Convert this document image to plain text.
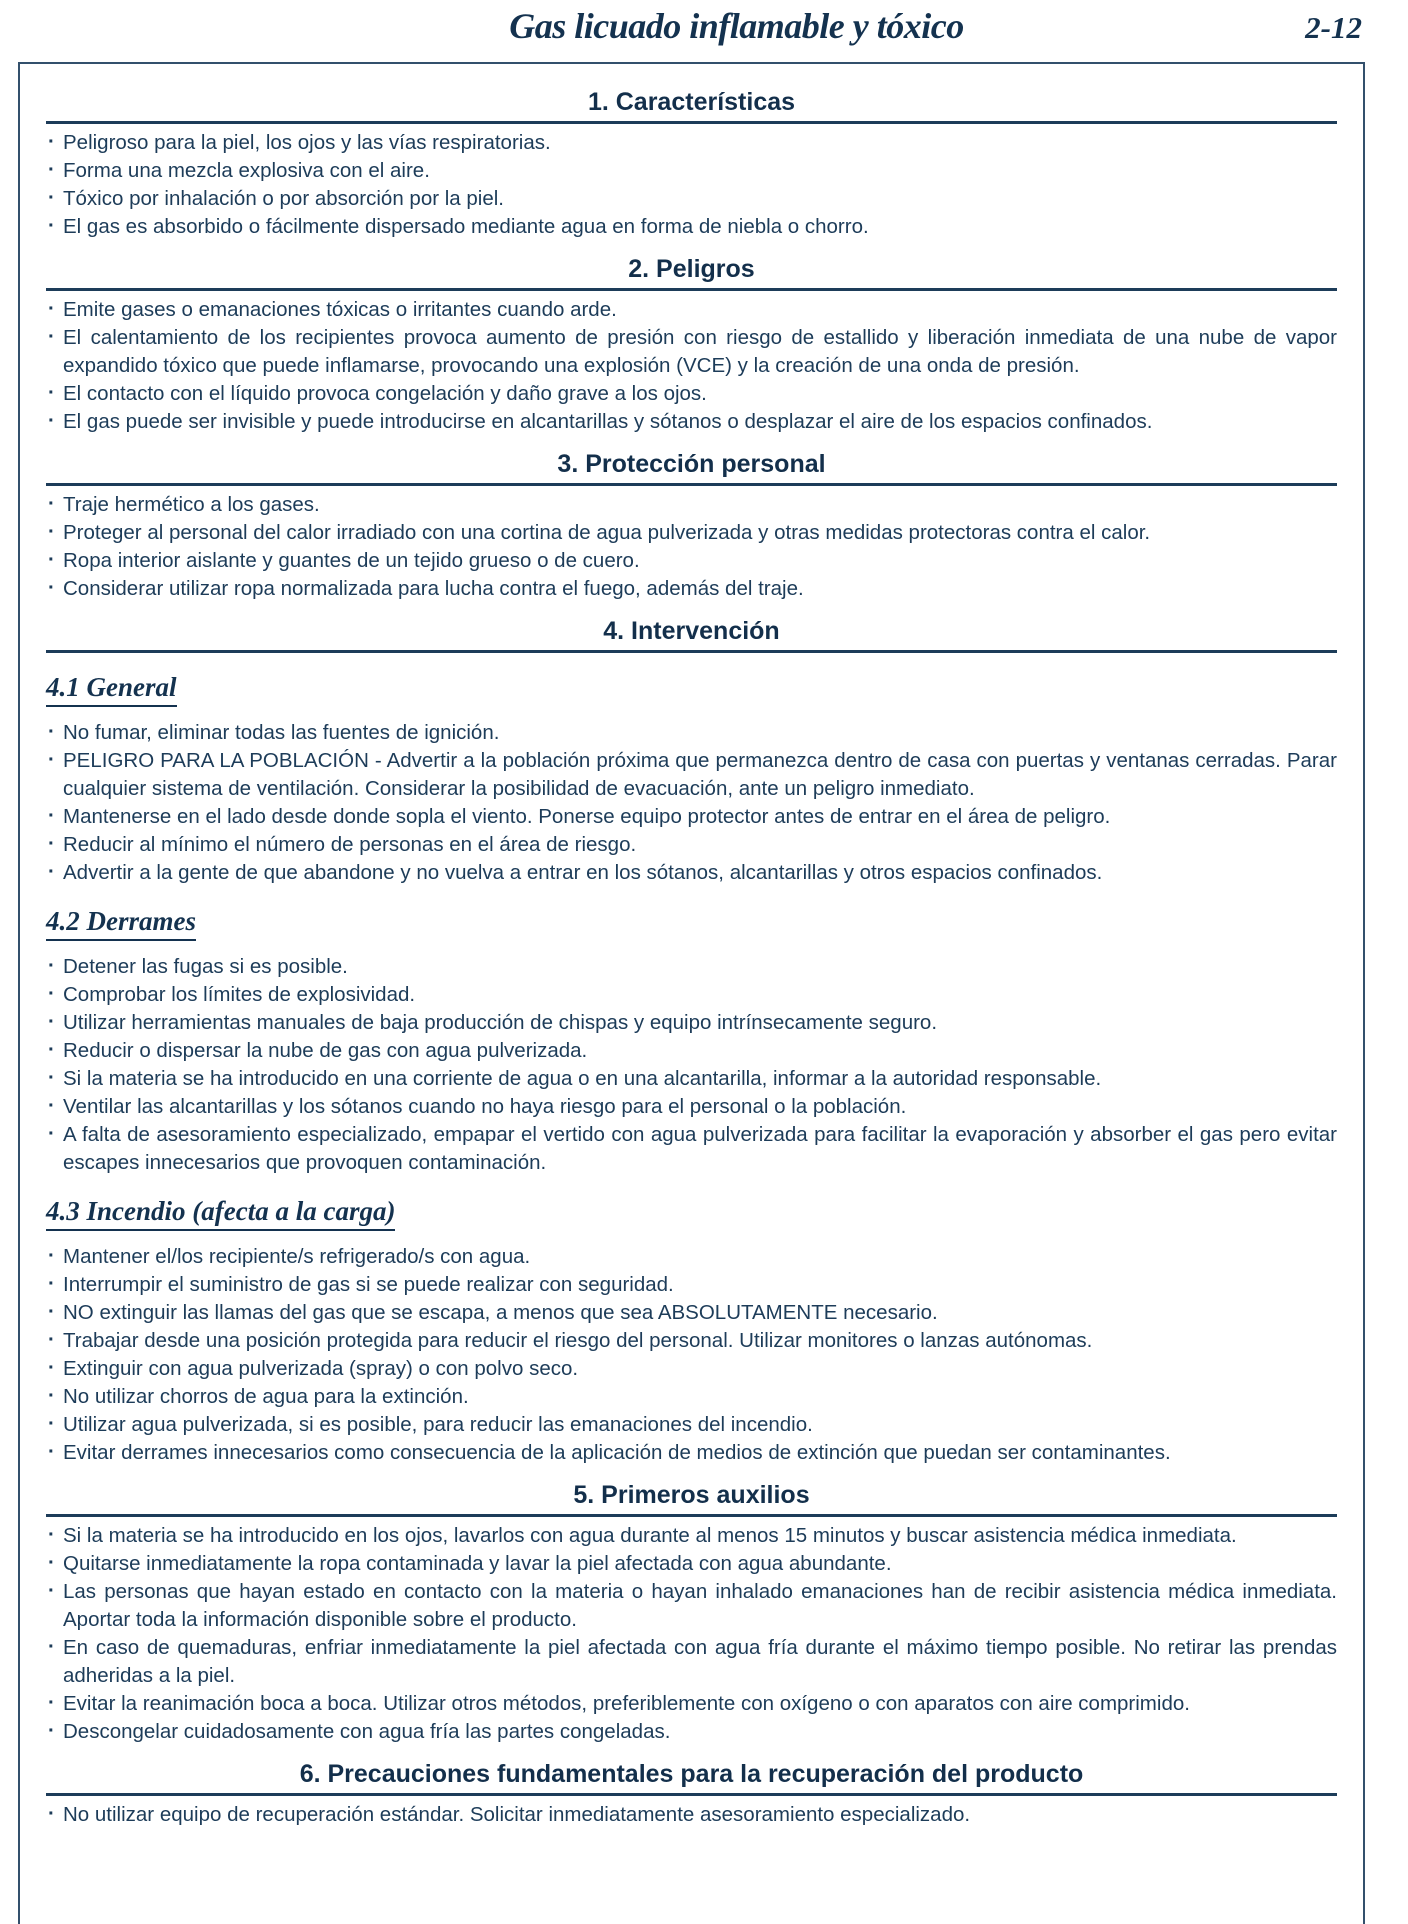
Gas licuado inflamable y tóxico	2-12
1. Características
· Peligroso para la piel, los ojos y las vías respiratorias.
· Forma una mezcla explosiva con el aire.
· Tóxico por inhalación o por absorción por la piel.
· El gas es absorbido o fácilmente dispersado mediante agua en forma de niebla o chorro.
2. Peligros
· Emite gases o emanaciones tóxicas o irritantes cuando arde.
· El calentamiento de los recipientes provoca aumento de presión con riesgo de estallido y liberación inmediata de una nube de vapor expandido tóxico que puede inflamarse, provocando una explosión (VCE) y la creación de una onda de presión.
· El contacto con el líquido provoca congelación y daño grave a los ojos.
· El gas puede ser invisible y puede introducirse en alcantarillas y sótanos o desplazar el aire de los espacios confinados.
3. Protección personal
· Traje hermético a los gases.
· Proteger al personal del calor irradiado con una cortina de agua pulverizada y otras medidas protectoras contra el calor.
· Ropa interior aislante y guantes de un tejido grueso o de cuero.
· Considerar utilizar ropa normalizada para lucha contra el fuego, además del traje.
4. Intervención
4.1 General
· No fumar, eliminar todas las fuentes de ignición.
· PELIGRO PARA LA POBLACIÓN - Advertir a la población próxima que permanezca dentro de casa con puertas y ventanas cerradas. Parar cualquier sistema de ventilación. Considerar la posibilidad de evacuación, ante un peligro inmediato.
· Mantenerse en el lado desde donde sopla el viento. Ponerse equipo protector antes de entrar en el área de peligro.
· Reducir al mínimo el número de personas en el área de riesgo.
· Advertir a la gente de que abandone y no vuelva a entrar en los sótanos, alcantarillas y otros espacios confinados.
4.2 Derrames
· Detener las fugas si es posible.
· Comprobar los límites de explosividad.
· Utilizar herramientas manuales de baja producción de chispas y equipo intrínsecamente seguro.
· Reducir o dispersar la nube de gas con agua pulverizada.
· Si la materia se ha introducido en una corriente de agua o en una alcantarilla, informar a la autoridad responsable.
· Ventilar las alcantarillas y los sótanos cuando no haya riesgo para el personal o la población.
· A falta de asesoramiento especializado, empapar el vertido con agua pulverizada para facilitar la evaporación y absorber el gas pero evitar escapes innecesarios que provoquen contaminación.
4.3 Incendio (afecta a la carga)
· Mantener el/los recipiente/s refrigerado/s con agua.
· Interrumpir el suministro de gas si se puede realizar con seguridad.
· NO extinguir las llamas del gas que se escapa, a menos que sea ABSOLUTAMENTE necesario.
· Trabajar desde una posición protegida para reducir el riesgo del personal. Utilizar monitores o lanzas autónomas.
· Extinguir con agua pulverizada (spray) o con polvo seco.
· No utilizar chorros de agua para la extinción.
· Utilizar agua pulverizada, si es posible, para reducir las emanaciones del incendio.
· Evitar derrames innecesarios como consecuencia de la aplicación de medios de extinción que puedan ser contaminantes.
5. Primeros auxilios
· Si la materia se ha introducido en los ojos, lavarlos con agua durante al menos 15 minutos y buscar asistencia médica inmediata.
· Quitarse inmediatamente la ropa contaminada y lavar la piel afectada con agua abundante.
· Las personas que hayan estado en contacto con la materia o hayan inhalado emanaciones han de recibir asistencia médica inmediata. Aportar toda la información disponible sobre el producto.
· En caso de quemaduras, enfriar inmediatamente la piel afectada con agua fría durante el máximo tiempo posible. No retirar las prendas adheridas a la piel.
· Evitar la reanimación boca a boca. Utilizar otros métodos, preferiblemente con oxígeno o con aparatos con aire comprimido.
· Descongelar cuidadosamente con agua fría las partes congeladas.
6. Precauciones fundamentales para la recuperación del producto
· No utilizar equipo de recuperación estándar. Solicitar inmediatamente asesoramiento especializado.
